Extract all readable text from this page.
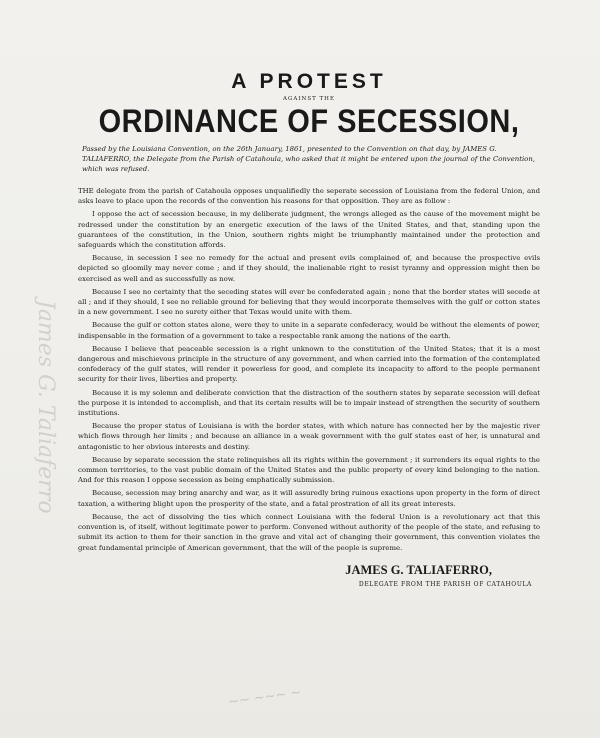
James G. Taliaferro
A PROTEST
AGAINST THE
ORDINANCE OF SECESSION,
Passed by the Louisiana Convention, on the 26th January, 1861, presented to the Convention on that day, by JAMES G. TALIAFERRO, the Delegate from the Parish of Catahoula, who asked that it might be entered upon the journal of the Convention, which was refused.

THE delegate from the parish of Catahoula opposes unqualifiedly the seperate secession of Louisiana from the federal Union, and asks leave to place upon the records of the convention his reasons for that opposition. They are as follow :

I oppose the act of secession because, in my deliberate judgment, the wrongs alleged as the cause of the movement might be redressed under the constitution by an energetic execution of the laws of the United States, and that, standing upon the guarantees of the constitution, in the Union, southern rights might be triumphantly maintained under the protection and safeguards which the constitution affords.

Because, in secession I see no remedy for the actual and present evils complained of, and because the prospective evils depicted so gloomily may never come ; and if they should, the inalienable right to resist tyranny and oppression might then be exercised as well and as successfully as now.

Because I see no certainty that the seceding states will ever be confederated again ; none that the border states will secede at all ; and if they should, I see no reliable ground for believing that they would incorporate themselves with the gulf or cotton states in a new government. I see no surety either that Texas would unite with them.

Because the gulf or cotton states alone, were they to unite in a separate confederacy, would be without the elements of power, indispensable in the formation of a government to take a respectable rank among the nations of the earth.

Because I believe that peaceable secession is a right unknown to the constitution of the United States; that it is a most dangerous and mischievous principle in the structure of any government, and when carried into the formation of the contemplated confederacy of the gulf states, will render it powerless for good, and complete its incapacity to afford to the people permanent security for their lives, liberties and property.

Because it is my solemn and deliberate conviction that the distraction of the southern states by separate secession will defeat the purpose it is intended to accomplish, and that its certain results will be to impair instead of strengthen the security of southern institutions.

Because the proper status of Louisiana is with the border states, with which nature has connected her by the majestic river which flows through her limits ; and because an alliance in a weak government with the gulf states east of her, is unnatural and antagonistic to her obvious interests and destiny.

Because by separate secession the state relinquishes all its rights within the government ; it surrenders its equal rights to the common territories, to the vast public domain of the United States and the public property of every kind belonging to the nation. And for this reason I oppose secession as being emphatically submission.

Because, secession may bring anarchy and war, as it will assuredly bring ruinous exactions upon property in the form of direct taxation, a withering blight upon the prosperity of the state, and a fatal prostration of all its great interests.

Because, the act of dissolving the ties which connect Louisiana with the federal Union is a revolutionary act that this convention is, of itself, without legitimate power to perform. Convened without authority of the people of the state, and refusing to submit its action to them for their sanction in the grave and vital act of changing their government, this convention violates the great fundamental principle of American government, that the will of the people is supreme.

JAMES G. TALIAFERRO,
DELEGATE FROM THE PARISH OF CATAHOULA
~~ ~~~ ~
